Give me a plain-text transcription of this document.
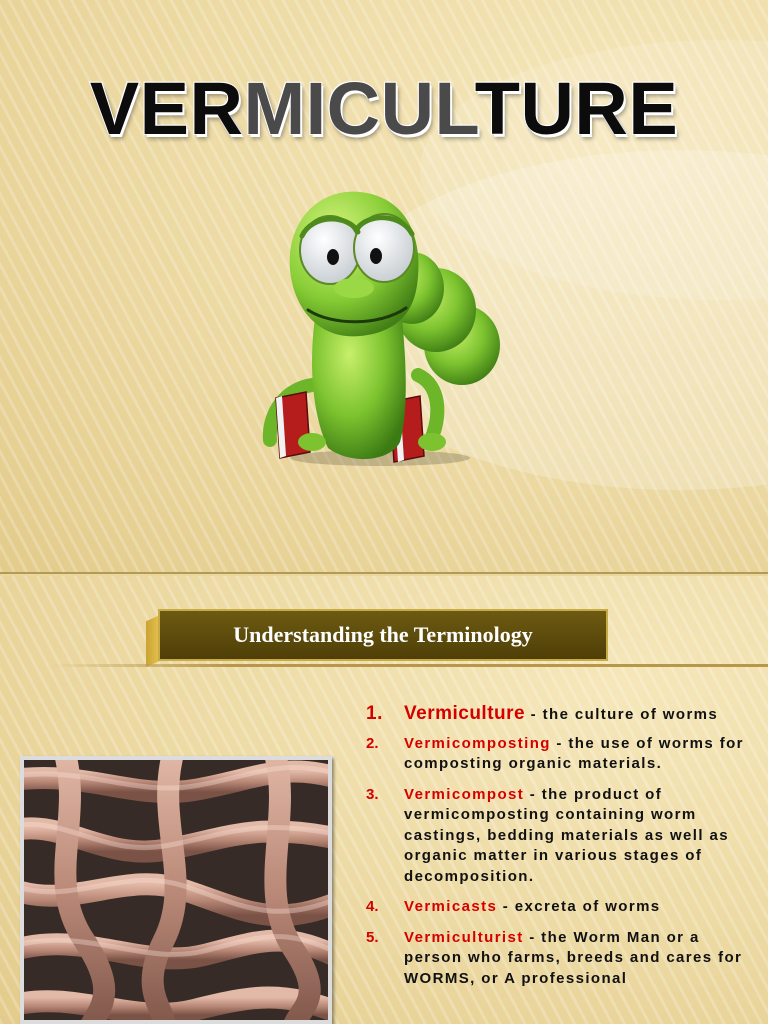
VERMICULTURE
Understanding the Terminology
1. Vermiculture - the culture of worms
2. Vermicomposting - the use of worms for composting organic materials.
3. Vermicompost - the product of vermicomposting containing worm castings, bedding materials as well as organic matter in various stages of decomposition.
4. Vermicasts - excreta of worms
5. Vermiculturist - the Worm Man or a person who farms, breeds and cares for WORMS, or A professional
